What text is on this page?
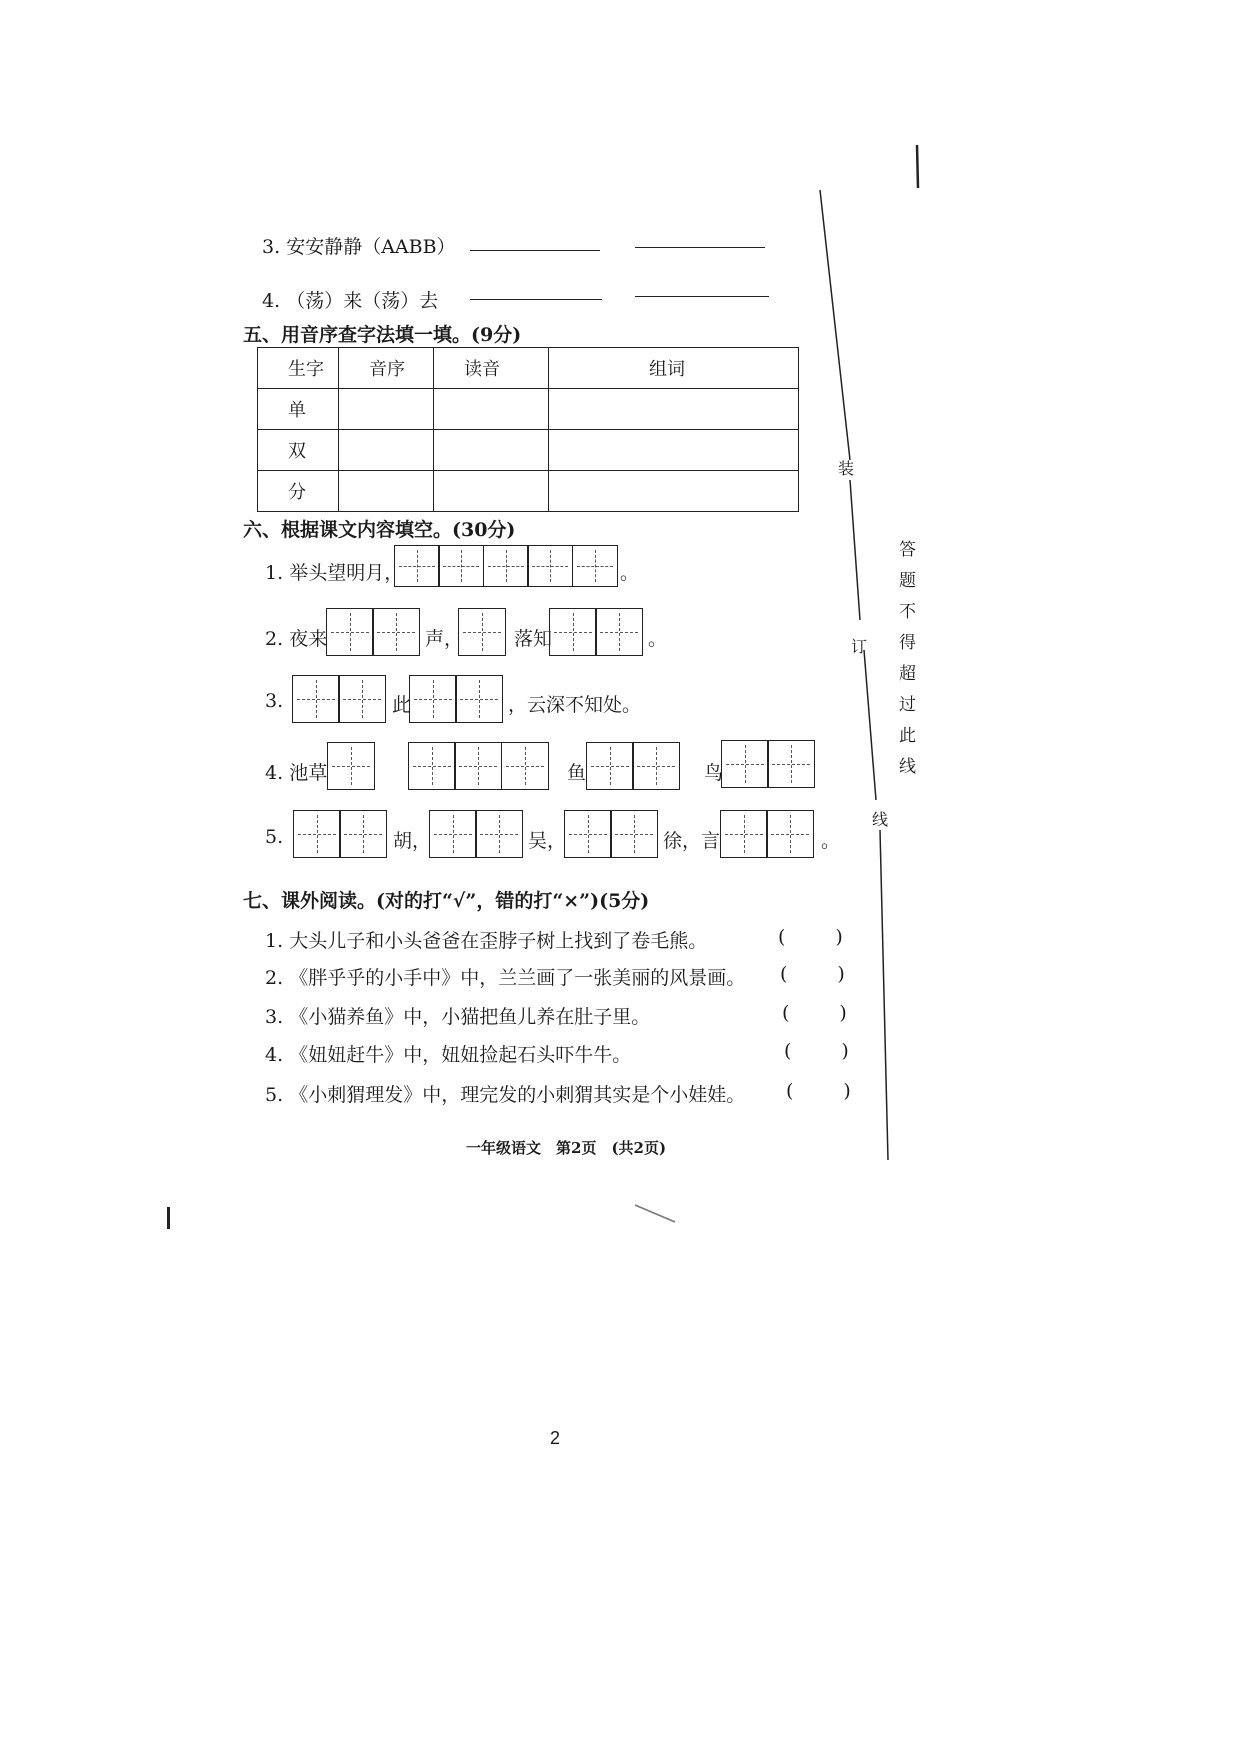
3. 安安静静（AABB）
4. （荡）来（荡）去
五、用音序查字法填一填。(9分)
生字	音序	读音	组词
单			
双			
分			
六、根据课文内容填空。(30分)
1. 举头望明月，	。
2. 夜来	声，	落知	。
3.	此	，云深不知处。
4. 池草	鱼	鸟
5.	胡，	吴，	徐，言	。
七、课外阅读。(对的打“√”，错的打“×”)(5分)
1. 大头儿子和小头爸爸在歪脖子树上找到了卷毛熊。	(	)
2. 《胖乎乎的小手中》中，兰兰画了一张美丽的风景画。 (	)
3. 《小猫养鱼》中，小猫把鱼儿养在肚子里。	(	)
4. 《妞妞赶牛》中，妞妞捡起石头吓牛牛。	(	)
5. 《小刺猬理发》中，理完发的小刺猬其实是个小娃娃。 (	)
一年级语文　第2页　(共2页)
装
订
线
答题不得超过此线
2
